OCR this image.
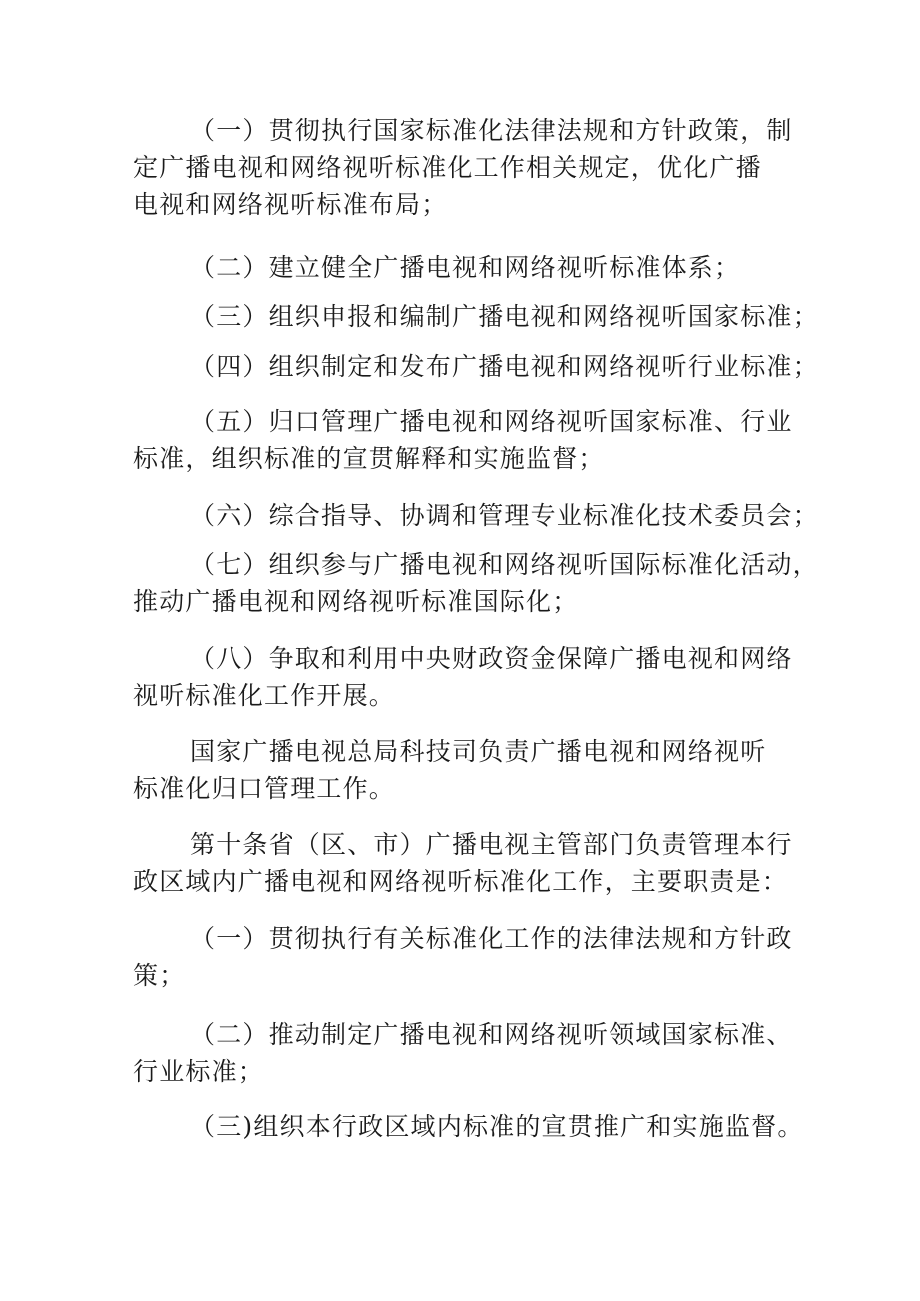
（一）贯彻执行国家标准化法律法规和方针政策，制
定广播电视和网络视听标准化工作相关规定，优化广播
电视和网络视听标准布局；

（二）建立健全广播电视和网络视听标准体系；

（三）组织申报和编制广播电视和网络视听国家标准；

（四）组织制定和发布广播电视和网络视听行业标准；

（五）归口管理广播电视和网络视听国家标准、行业
标准，组织标准的宣贯解释和实施监督；

（六）综合指导、协调和管理专业标准化技术委员会；

（七）组织参与广播电视和网络视听国际标准化活动，
推动广播电视和网络视听标准国际化；

（八）争取和利用中央财政资金保障广播电视和网络
视听标准化工作开展。

国家广播电视总局科技司负责广播电视和网络视听
标准化归口管理工作。

第十条省（区、市）广播电视主管部门负责管理本行
政区域内广播电视和网络视听标准化工作，主要职责是：

（一）贯彻执行有关标准化工作的法律法规和方针政
策；

（二）推动制定广播电视和网络视听领域国家标准、
行业标准；

（三)组织本行政区域内标准的宣贯推广和实施监督。
